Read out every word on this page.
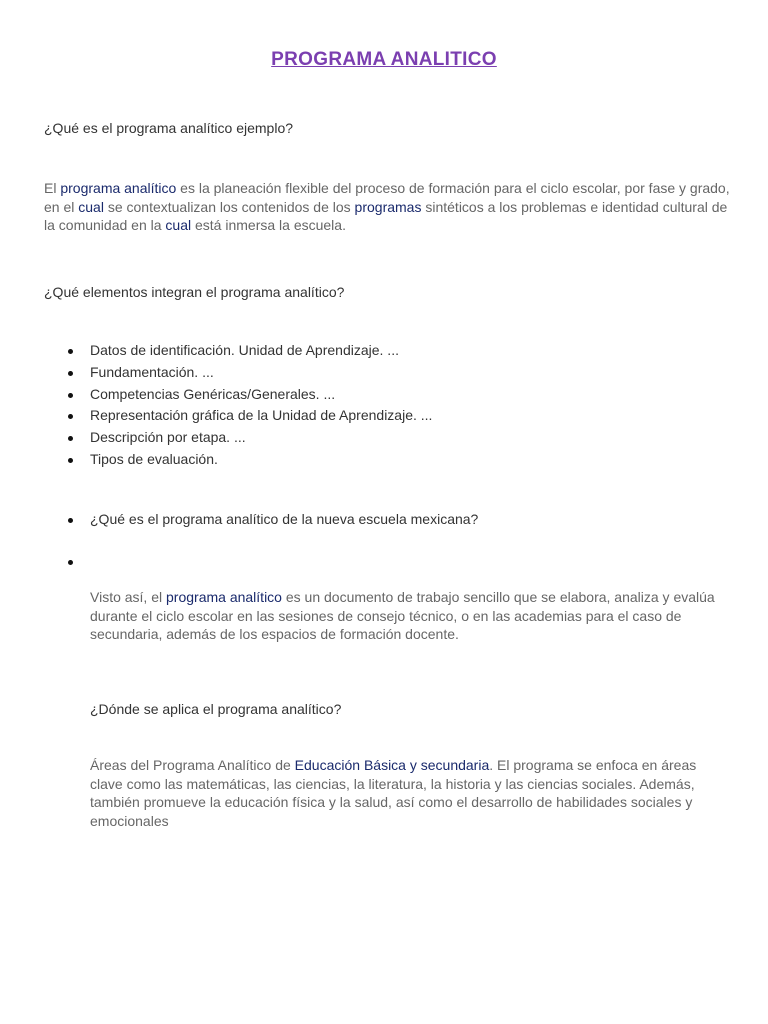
PROGRAMA ANALITICO
¿Qué es el programa analítico ejemplo?
El programa analítico es la planeación flexible del proceso de formación para el ciclo escolar, por fase y grado, en el cual se contextualizan los contenidos de los programas sintéticos a los problemas e identidad cultural de la comunidad en la cual está inmersa la escuela.
¿Qué elementos integran el programa analítico?
Datos de identificación. Unidad de Aprendizaje. ...
Fundamentación. ...
Competencias Genéricas/Generales. ...
Representación gráfica de la Unidad de Aprendizaje. ...
Descripción por etapa. ...
Tipos de evaluación.
¿Qué es el programa analítico de la nueva escuela mexicana?
Visto así, el programa analítico es un documento de trabajo sencillo que se elabora, analiza y evalúa durante el ciclo escolar en las sesiones de consejo técnico, o en las academias para el caso de secundaria, además de los espacios de formación docente.
¿Dónde se aplica el programa analítico?
Áreas del Programa Analítico de Educación Básica y secundaria. El programa se enfoca en áreas clave como las matemáticas, las ciencias, la literatura, la historia y las ciencias sociales. Además, también promueve la educación física y la salud, así como el desarrollo de habilidades sociales y emocionales
